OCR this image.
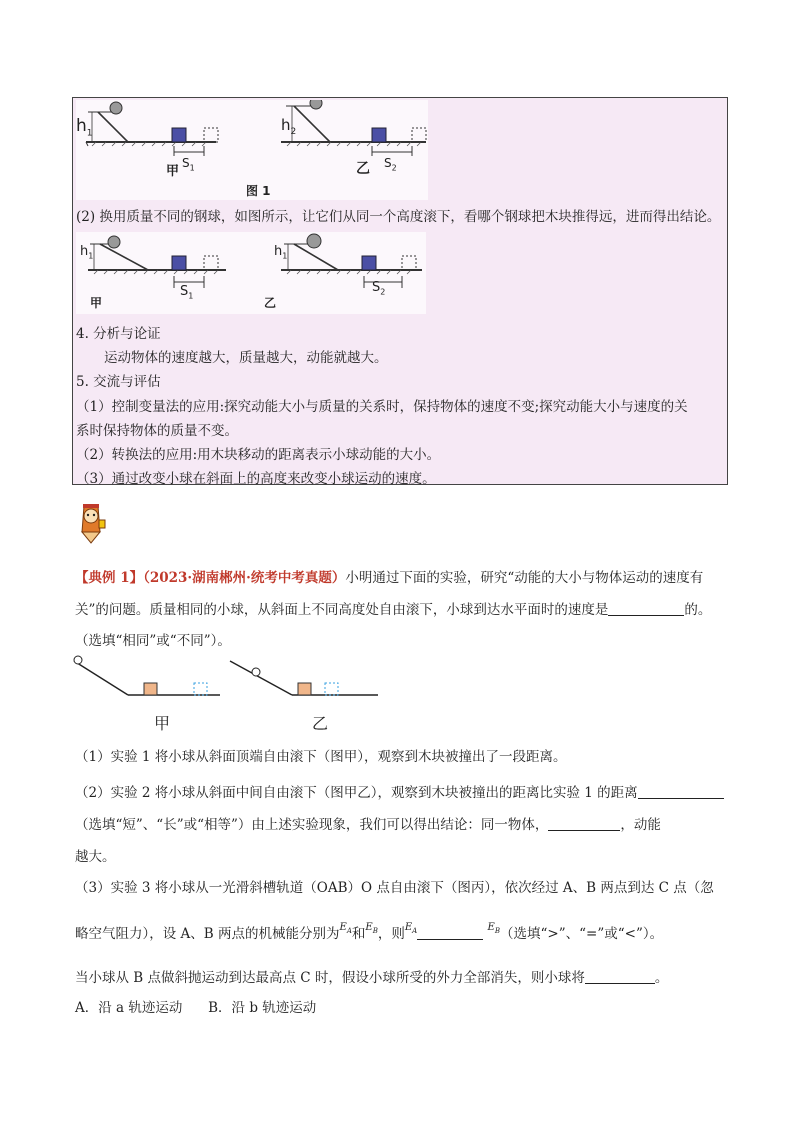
$h_1$	$h_2$
$S_1$	$S_2$
甲	乙
图 1
(2) 换用质量不同的钢球，如图所示，让它们从同一个高度滚下，看哪个钢球把木块推得远，进而得出结论。
$h_1$	$h_1$
$S_1$
$S_2$
甲	乙
4. 分析与论证
运动物体的速度越大，质量越大，动能就越大。
5. 交流与评估
（1）控制变量法的应用:探究动能大小与质量的关系时，保持物体的速度不变;探究动能大小与速度的关
系时保持物体的质量不变。
（2）转换法的应用:用木块移动的距离表示小球动能的大小。
（3）通过改变小球在斜面上的高度来改变小球运动的速度。
【典例 1】（2023·湖南郴州·统考中考真题）小明通过下面的实验，研究“动能的大小与物体运动的速度有
关”的问题。质量相同的小球，从斜面上不同高度处自由滚下，小球到达水平面时的速度是	的。
（选填“相同”或“不同”）。
甲	乙
（1）实验 1 将小球从斜面顶端自由滚下（图甲），观察到木块被撞出了一段距离。
（2）实验 2 将小球从斜面中间自由滚下（图甲乙），观察到木块被撞出的距离比实验 1 的距离
（选填“短”、“长”或“相等”）由上述实验现象，我们可以得出结论：同一物体，	，动能
越大。
（3）实验 3 将小球从一光滑斜槽轨道（OAB）O 点自由滚下（图丙），依次经过 A、B 两点到达 C 点（忽
略空气阻力），设 A、B 两点的机械能分别为$^{E_A}$和$^{E_B}$，则$^{E_A}$	$^{E_B}$（选填“>”、“=”或“<”）。
当小球从 B 点做斜抛运动到达最高点 C 时，假设小球所受的外力全部消失，则小球将	。
A．沿 a 轨迹运动      B．沿 b 轨迹运动
